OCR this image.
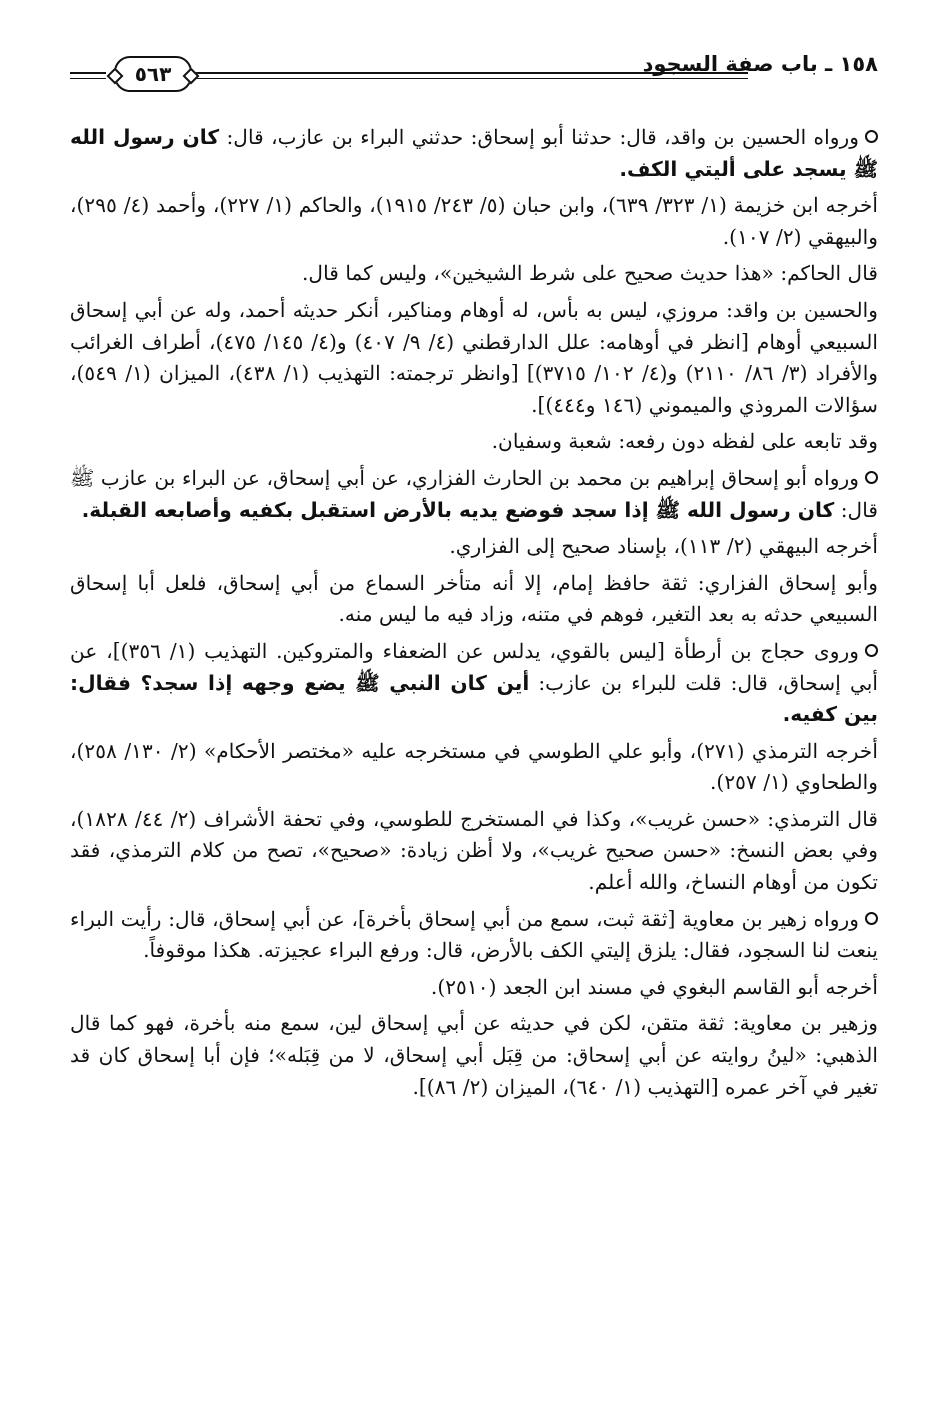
١٥٨ ـ باب صفة السجود
٥٦٣

ورواه الحسين بن واقد، قال: حدثنا أبو إسحاق: حدثني البراء بن عازب، قال: كان رسول الله ﷺ يسجد على أليتي الكف.

أخرجه ابن خزيمة (١/ ٣٢٣/ ٦٣٩)، وابن حبان (٥/ ٢٤٣/ ١٩١٥)، والحاكم (١/ ٢٢٧)، وأحمد (٤/ ٢٩٥)، والبيهقي (٢/ ١٠٧).

قال الحاكم: «هذا حديث صحيح على شرط الشيخين»، وليس كما قال.

والحسين بن واقد: مروزي، ليس به بأس، له أوهام ومناكير، أنكر حديثه أحمد، وله عن أبي إسحاق السبيعي أوهام [انظر في أوهامه: علل الدارقطني (٤/ ٩/ ٤٠٧) و(٤/ ١٤٥/ ٤٧٥)، أطراف الغرائب والأفراد (٣/ ٨٦/ ٢١١٠) و(٤/ ١٠٢/ ٣٧١٥)] [وانظر ترجمته: التهذيب (١/ ٤٣٨)، الميزان (١/ ٥٤٩)، سؤالات المروذي والميموني (١٤٦ و٤٤٤)].

وقد تابعه على لفظه دون رفعه: شعبة وسفيان.

ورواه أبو إسحاق إبراهيم بن محمد بن الحارث الفزاري، عن أبي إسحاق، عن البراء بن عازب ﷺ قال: كان رسول الله ﷺ إذا سجد فوضع يديه بالأرض استقبل بكفيه وأصابعه القبلة.

أخرجه البيهقي (٢/ ١١٣)، بإسناد صحيح إلى الفزاري.

وأبو إسحاق الفزاري: ثقة حافظ إمام، إلا أنه متأخر السماع من أبي إسحاق، فلعل أبا إسحاق السبيعي حدثه به بعد التغير، فوهم في متنه، وزاد فيه ما ليس منه.

وروى حجاج بن أرطأة [ليس بالقوي، يدلس عن الضعفاء والمتروكين. التهذيب (١/ ٣٥٦)]، عن أبي إسحاق، قال: قلت للبراء بن عازب: أين كان النبي ﷺ يضع وجهه إذا سجد؟ فقال: بين كفيه.

أخرجه الترمذي (٢٧١)، وأبو علي الطوسي في مستخرجه عليه «مختصر الأحكام» (٢/ ١٣٠/ ٢٥٨)، والطحاوي (١/ ٢٥٧).

قال الترمذي: «حسن غريب»، وكذا في المستخرج للطوسي، وفي تحفة الأشراف (٢/ ٤٤/ ١٨٢٨)، وفي بعض النسخ: «حسن صحيح غريب»، ولا أظن زيادة: «صحيح»، تصح من كلام الترمذي، فقد تكون من أوهام النساخ، والله أعلم.

ورواه زهير بن معاوية [ثقة ثبت، سمع من أبي إسحاق بأخرة]، عن أبي إسحاق، قال: رأيت البراء ينعت لنا السجود، فقال: يلزق إليتي الكف بالأرض، قال: ورفع البراء عجيزته. هكذا موقوفاً.

أخرجه أبو القاسم البغوي في مسند ابن الجعد (٢٥١٠).

وزهير بن معاوية: ثقة متقن، لكن في حديثه عن أبي إسحاق لين، سمع منه بأخرة، فهو كما قال الذهبي: «لينُ روايته عن أبي إسحاق: من قِبَل أبي إسحاق، لا من قِبَله»؛ فإن أبا إسحاق كان قد تغير في آخر عمره [التهذيب (١/ ٦٤٠)، الميزان (٢/ ٨٦)].
